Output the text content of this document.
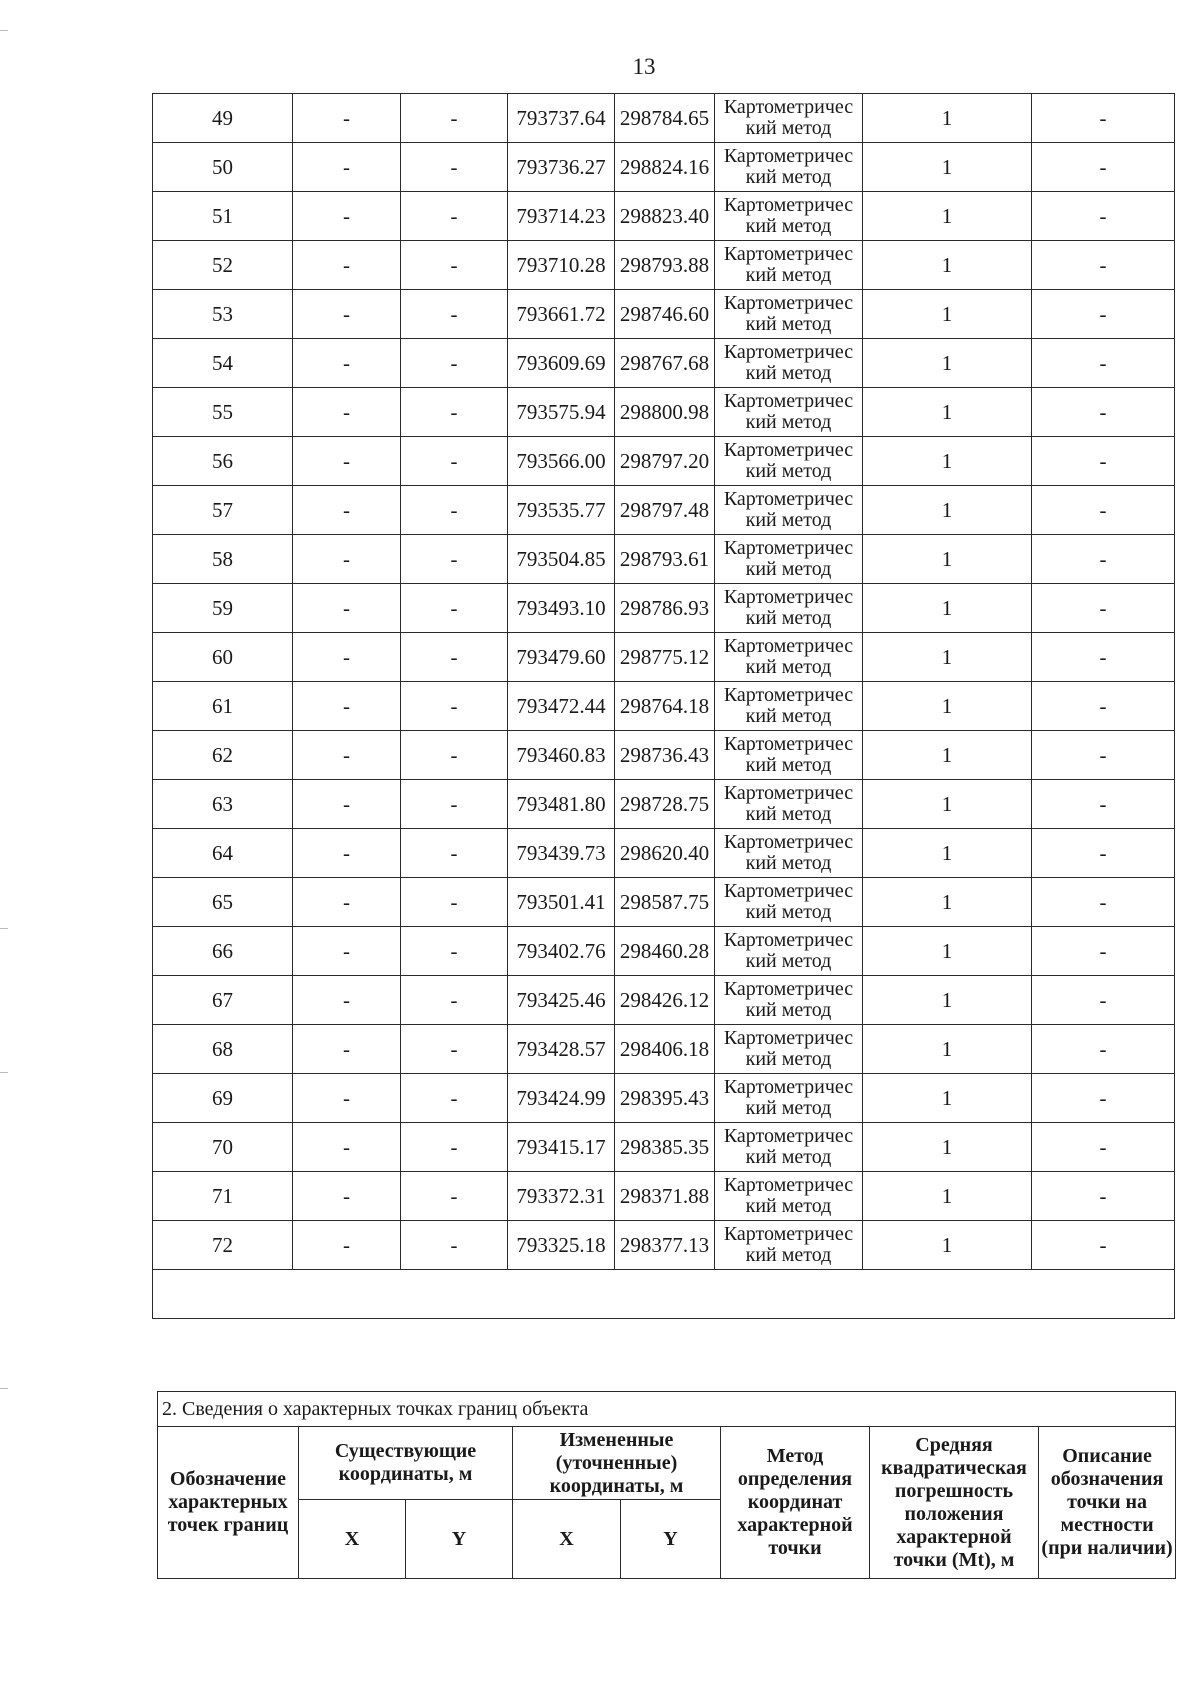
13
49	-	-	793737.64	298784.65	Картометричес кий метод	1	-
50	-	-	793736.27	298824.16	Картометричес кий метод	1	-
51	-	-	793714.23	298823.40	Картометричес кий метод	1	-
52	-	-	793710.28	298793.88	Картометричес кий метод	1	-
53	-	-	793661.72	298746.60	Картометричес кий метод	1	-
54	-	-	793609.69	298767.68	Картометричес кий метод	1	-
55	-	-	793575.94	298800.98	Картометричес кий метод	1	-
56	-	-	793566.00	298797.20	Картометричес кий метод	1	-
57	-	-	793535.77	298797.48	Картометричес кий метод	1	-
58	-	-	793504.85	298793.61	Картометричес кий метод	1	-
59	-	-	793493.10	298786.93	Картометричес кий метод	1	-
60	-	-	793479.60	298775.12	Картометричес кий метод	1	-
61	-	-	793472.44	298764.18	Картометричес кий метод	1	-
62	-	-	793460.83	298736.43	Картометричес кий метод	1	-
63	-	-	793481.80	298728.75	Картометричес кий метод	1	-
64	-	-	793439.73	298620.40	Картометричес кий метод	1	-
65	-	-	793501.41	298587.75	Картометричес кий метод	1	-
66	-	-	793402.76	298460.28	Картометричес кий метод	1	-
67	-	-	793425.46	298426.12	Картометричес кий метод	1	-
68	-	-	793428.57	298406.18	Картометричес кий метод	1	-
69	-	-	793424.99	298395.43	Картометричес кий метод	1	-
70	-	-	793415.17	298385.35	Картометричес кий метод	1	-
71	-	-	793372.31	298371.88	Картометричес кий метод	1	-
72	-	-	793325.18	298377.13	Картометричес кий метод	1	-

2. Сведения о характерных точках границ объекта							
Обозначение характерных точек границ	Существующие координаты, м		Измененные (уточненные) координаты, м		Метод определения координат характерной точки	Средняя квадратическая погрешность положения характерной точки (Mt), м	Описание обозначения точки на местности (при наличии)
	X	Y	X	Y			
